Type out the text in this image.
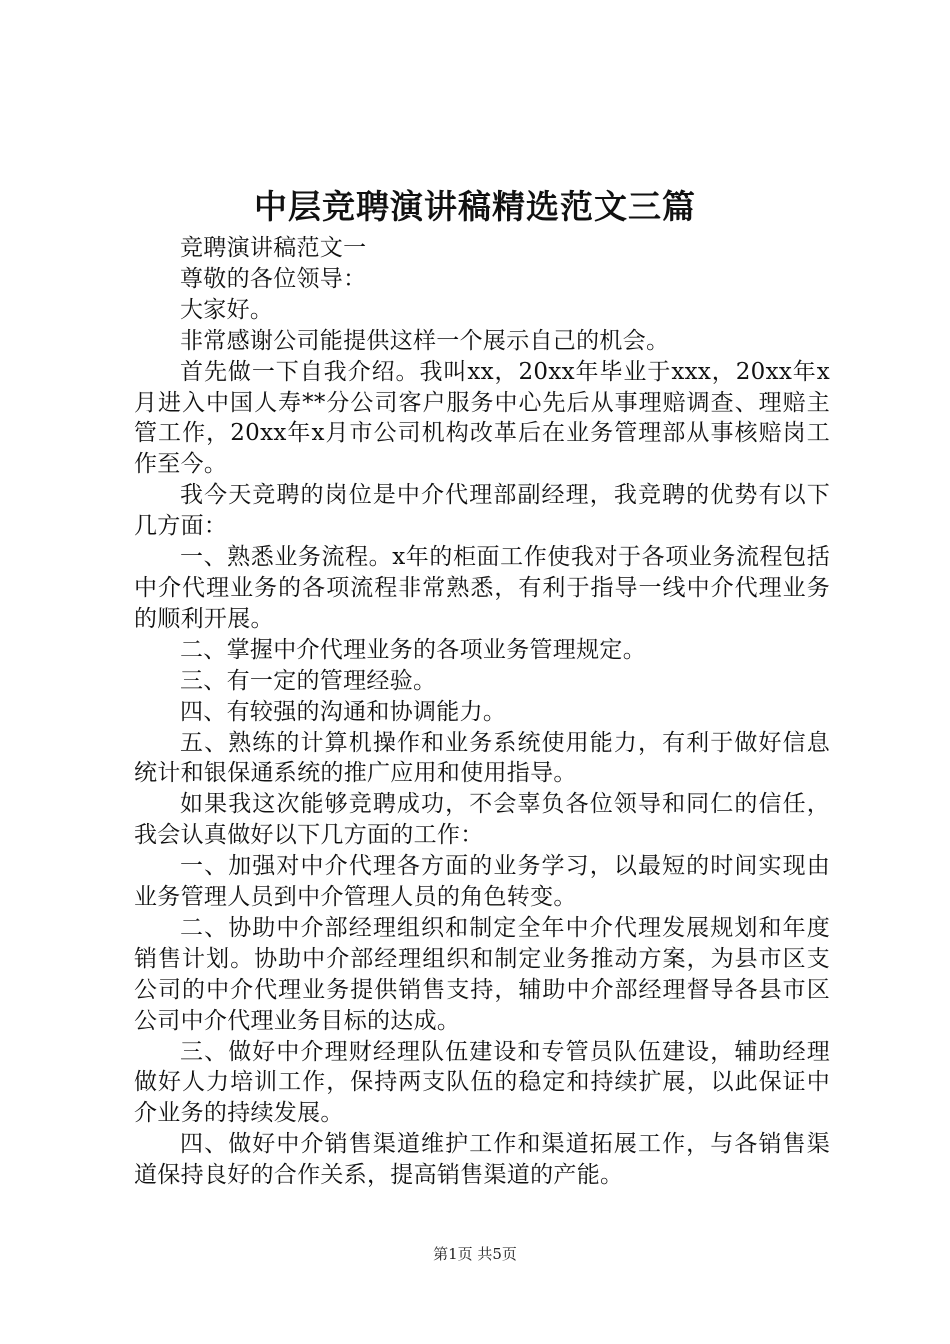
中层竞聘演讲稿精选范文三篇

竞聘演讲稿范文一

尊敬的各位领导：

大家好。

非常感谢公司能提供这样一个展示自己的机会。

首先做一下自我介绍。我叫xx，20xx年毕业于xxx，20xx年x月进入中国人寿**分公司客户服务中心先后从事理赔调查、理赔主管工作，20xx年x月市公司机构改革后在业务管理部从事核赔岗工作至今。

我今天竞聘的岗位是中介代理部副经理，我竞聘的优势有以下几方面：

一、熟悉业务流程。x年的柜面工作使我对于各项业务流程包括中介代理业务的各项流程非常熟悉，有利于指导一线中介代理业务的顺利开展。

二、掌握中介代理业务的各项业务管理规定。

三、有一定的管理经验。

四、有较强的沟通和协调能力。

五、熟练的计算机操作和业务系统使用能力，有利于做好信息统计和银保通系统的推广应用和使用指导。

如果我这次能够竞聘成功，不会辜负各位领导和同仁的信任，我会认真做好以下几方面的工作：

一、加强对中介代理各方面的业务学习，以最短的时间实现由业务管理人员到中介管理人员的角色转变。

二、协助中介部经理组织和制定全年中介代理发展规划和年度销售计划。协助中介部经理组织和制定业务推动方案，为县市区支公司的中介代理业务提供销售支持，辅助中介部经理督导各县市区公司中介代理业务目标的达成。

三、做好中介理财经理队伍建设和专管员队伍建设，辅助经理做好人力培训工作，保持两支队伍的稳定和持续扩展，以此保证中介业务的持续发展。

四、做好中介销售渠道维护工作和渠道拓展工作，与各销售渠道保持良好的合作关系，提高销售渠道的产能。

第1页 共5页
